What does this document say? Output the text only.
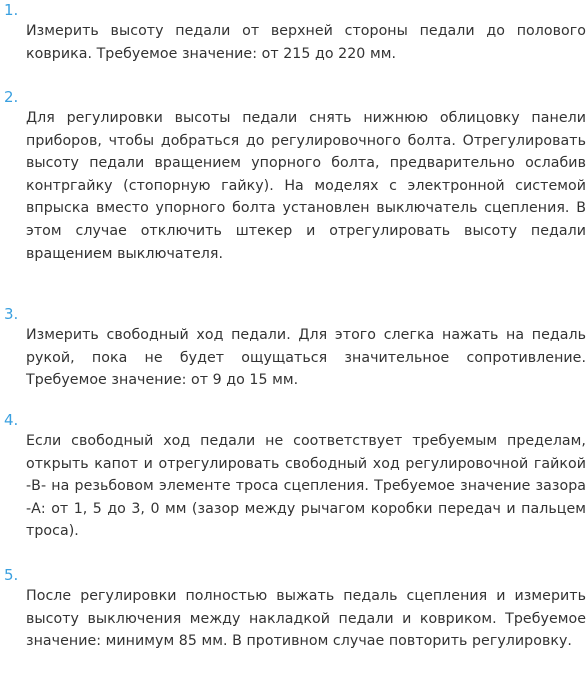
1.

Измерить высоту педали от верхней стороны педали до полового коврика. Требуемое значение: от 215 до 220 мм.

2.

Для регулировки высоты педали снять нижнюю облицовку панели приборов, чтобы добраться до регулировочного болта. Отрегулировать высоту педали вращением упорного болта, предварительно ослабив контргайку (стопорную гайку). На моделях с электронной системой впрыска вместо упорного болта установлен выключатель сцепления. В этом случае отключить штекер и отрегулировать высоту педали вращением выключателя.

3.

Измерить свободный ход педали. Для этого слегка нажать на педаль рукой, пока не будет ощущаться значительное сопротивление. Требуемое значение: от 9 до 15 мм.

4.

Если свободный ход педали не соответствует требуемым пределам, открыть капот и отрегулировать свободный ход регулировочной гайкой -В- на резьбовом элементе троса сцепления. Требуемое значение зазора -А: от 1, 5 до 3, 0 мм (зазор между рычагом коробки передач и пальцем троса).

5.

После регулировки полностью выжать педаль сцепления и измерить высоту выключения между накладкой педали и ковриком. Требуемое значение: минимум 85 мм. В противном случае повторить регулировку.
